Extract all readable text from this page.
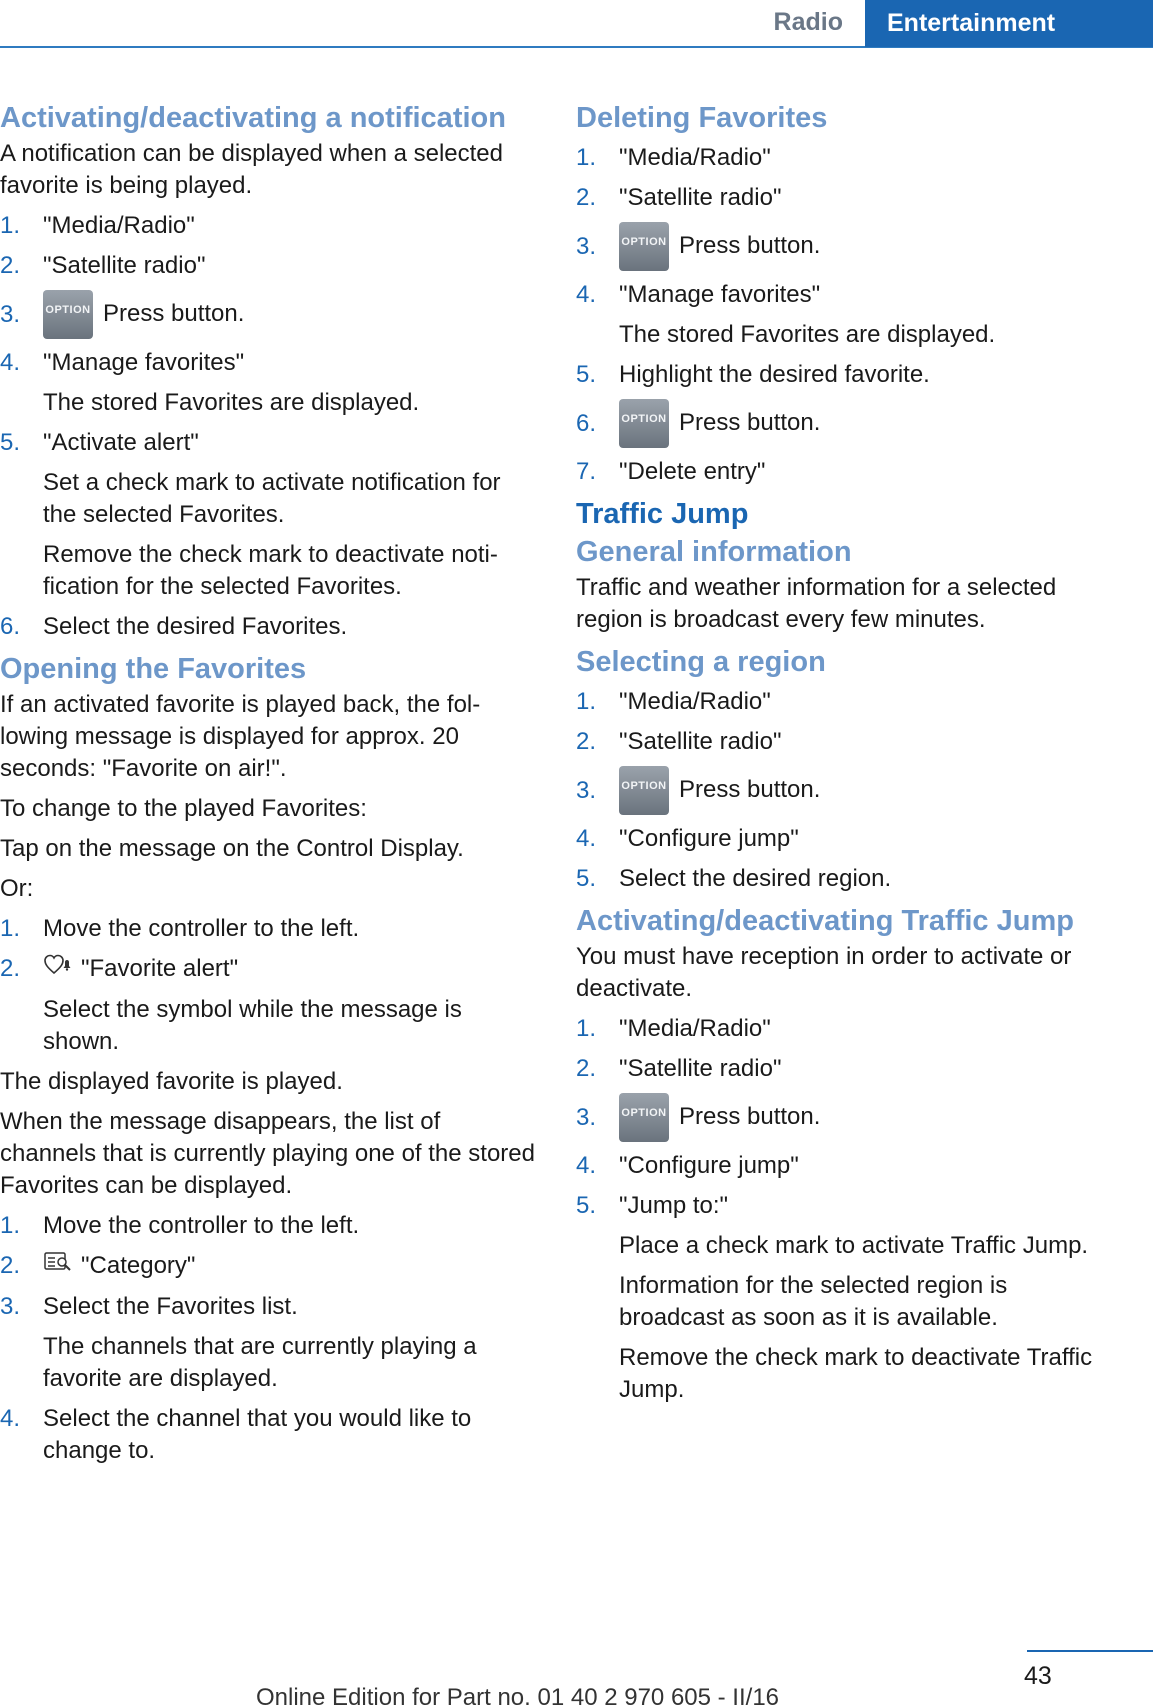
Radio	Entertainment
Activating/deactivating a notification

A notification can be displayed when a selected favorite is being played.

1. "Media/Radio"
2. "Satellite radio"
3. OPTION Press button.
4. "Manage favorites"
The stored Favorites are displayed.
5. "Activate alert"
Set a check mark to activate notification for the selected Favorites.
Remove the check mark to deactivate notification for the selected Favorites.
6. Select the desired Favorites.
Opening the Favorites

If an activated favorite is played back, the following message is displayed for approx. 20 seconds: "Favorite on air!".

To change to the played Favorites:

Tap on the message on the Control Display.

Or:

1. Move the controller to the left.
2.	"Favorite alert"
Select the symbol while the message is shown.

The displayed favorite is played.

When the message disappears, the list of channels that is currently playing one of the stored Favorites can be displayed.

1. Move the controller to the left.
2.	"Category"
3. Select the Favorites list.
The channels that are currently playing a favorite are displayed.
4. Select the channel that you would like to change to.
Deleting Favorites
1. "Media/Radio"
2. "Satellite radio"
3. OPTION Press button.
4. "Manage favorites"
The stored Favorites are displayed.
5. Highlight the desired favorite.
6. OPTION Press button.
7. "Delete entry"
Traffic Jump
General information

Traffic and weather information for a selected region is broadcast every few minutes.

Selecting a region
1. "Media/Radio"
2. "Satellite radio"
3. OPTION Press button.
4. "Configure jump"
5. Select the desired region.
Activating/deactivating Traffic Jump

You must have reception in order to activate or deactivate.

1. "Media/Radio"
2. "Satellite radio"
3. OPTION Press button.
4. "Configure jump"
5. "Jump to:"
Place a check mark to activate Traffic Jump.
Information for the selected region is broadcast as soon as it is available.
Remove the check mark to deactivate Traffic Jump.
43
Online Edition for Part no. 01 40 2 970 605 - II/16
